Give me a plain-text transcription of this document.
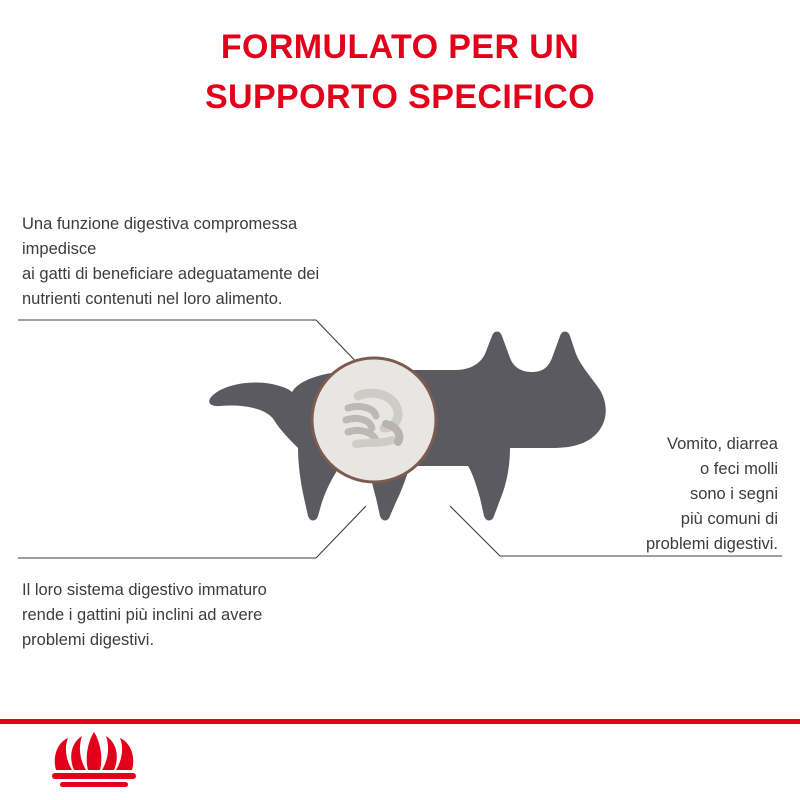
FORMULATO PER UN
SUPPORTO SPECIFICO
Una funzione digestiva compromessa
impedisce
ai gatti di beneficiare adeguatamente dei
nutrienti contenuti nel loro alimento.
Vomito, diarrea
o feci molli
sono i segni
più comuni di
problemi digestivi.
Il loro sistema digestivo immaturo
rende i gattini più inclini ad avere
problemi digestivi.
